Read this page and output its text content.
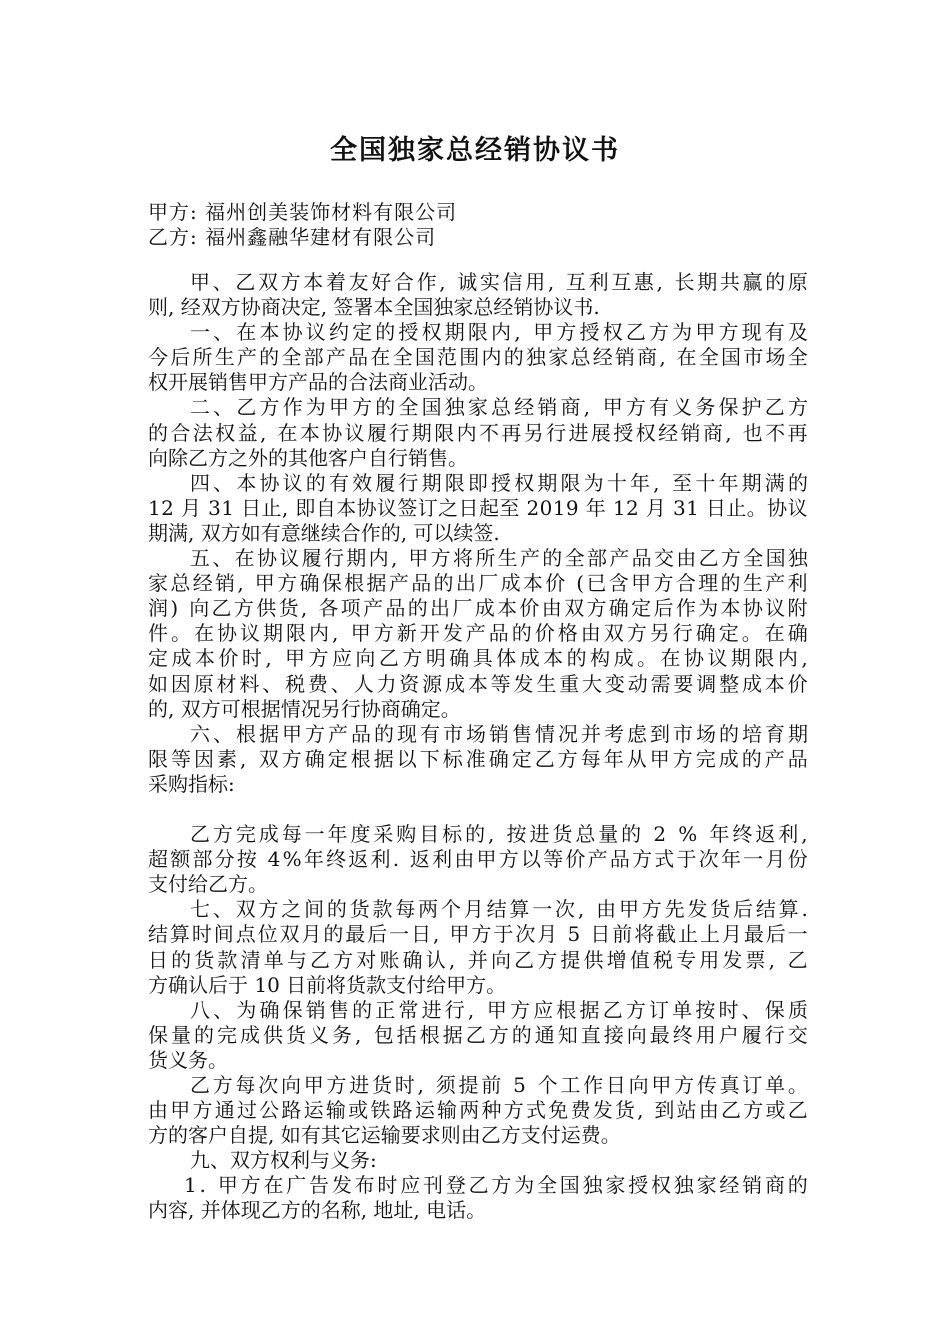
全国独家总经销协议书
甲方: 福州创美装饰材料有限公司
乙方: 福州鑫融华建材有限公司
甲 、 乙 双 方 本 着 友 好 合 作 ,
诚 实 信 用 ,
互 利 互 惠 ,
长 期 共 赢 的 原
则, 经双方协商决定, 签署本全国独家总经销协议书.
一 、 在 本 协 议 约 定 的 授 权 期 限 内 ,
甲 方 授 权 乙 方 为 甲 方 现 有 及
今 后 所 生 产 的 全 部 产 品 在 全 国 范 围 内 的 独 家 总 经 销 商 ,
在 全 国 市 场 全
权开展销售甲方产品的合法商业活动。
二 、 乙 方 作 为 甲 方 的 全 国 独 家 总 经 销 商 ,
甲 方 有 义 务 保 护 乙 方
的 合 法 权 益 ,
在 本 协 议 履 行 期 限 内 不 再 另 行 进 展 授 权 经 销 商 ,
也 不 再
向除乙方之外的其他客户自行销售。
四 、 本 协 议 的 有 效 履 行 期 限 即 授 权 期 限 为 十 年 ,
至 十 年 期 满 的
1 2
月
3 1
日 止 ,
即 自 本 协 议 签 订 之 日 起 至
2 0 1 9
年
1 2
月
3 1
日 止 。 协 议
期满, 双方如有意继续合作的, 可以续签.
五 、 在 协 议 履 行 期 内 ,
甲 方 将 所 生 产 的 全 部 产 品 交 由 乙 方 全 国 独
家 总 经 销 ,
甲 方 确 保 根 据 产 品 的 出 厂 成 本 价
( 已 含 甲 方 合 理 的 生 产 利
润 )
向 乙 方 供 货 ,
各 项 产 品 的 出 厂 成 本 价 由 双 方 确 定 后 作 为 本 协 议 附
件 。 在 协 议 期 限 内 ,
甲 方 新 开 发 产 品 的 价 格 由 双 方 另 行 确 定 。 在 确
定 成 本 价 时 ,
甲 方 应 向 乙 方 明 确 具 体 成 本 的 构 成 。 在 协 议 期 限 内 ,
如 因 原 材 料 、 税 费 、 人 力 资 源 成 本 等 发 生 重 大 变 动 需 要 调 整 成 本 价
的, 双方可根据情况另行协商确定。
六 、 根 据 甲 方 产 品 的 现 有 市 场 销 售 情 况 并 考 虑 到 市 场 的 培 育 期
限 等 因 素 ,
双 方 确 定 根 据 以 下 标 准 确 定 乙 方 每 年 从 甲 方 完 成 的 产 品
采购指标:
乙 方 完 成 每 一 年 度 采 购 目 标 的 ,
按 进 货 总 量 的
2
%
年 终 返 利 ,
超 额 部 分 按
4 % 年 终 返 利 .
返 利 由 甲 方 以 等 价 产 品 方 式 于 次 年 一 月 份
支付给乙方。
七 、 双 方 之 间 的 货 款 每 两 个 月 结 算 一 次 ,
由 甲 方 先 发 货 后 结 算 .
结 算 时 间 点 位 双 月 的 最 后 一 日 ,
甲 方 于 次 月
5
日 前 将 截 止 上 月 最 后 一
日 的 货 款 清 单 与 乙 方 对 账 确 认 ,
并 向 乙 方 提 供 增 值 税 专 用 发 票 ,
乙
方确认后于 10 日前将货款支付给甲方。
八 、 为 确 保 销 售 的 正 常 进 行 ,
甲 方 应 根 据 乙 方 订 单 按 时 、 保 质
保 量 的 完 成 供 货 义 务 ,
包 括 根 据 乙 方 的 通 知 直 接 向 最 终 用 户 履 行 交
货义务。
乙 方 每 次 向 甲 方 进 货 时 ,
须 提 前
5
个 工 作 日 向 甲 方 传 真 订 单 。
由 甲 方 通 过 公 路 运 输 或 铁 路 运 输 两 种 方 式 免 费 发 货 ,
到 站 由 乙 方 或 乙
方的客户自提, 如有其它运输要求则由乙方支付运费。
九、双方权利与义务:
1 .
甲 方 在 广 告 发 布 时 应 刊 登 乙 方 为 全 国 独 家 授 权 独 家 经 销 商 的
内容, 并体现乙方的名称, 地址, 电话。
